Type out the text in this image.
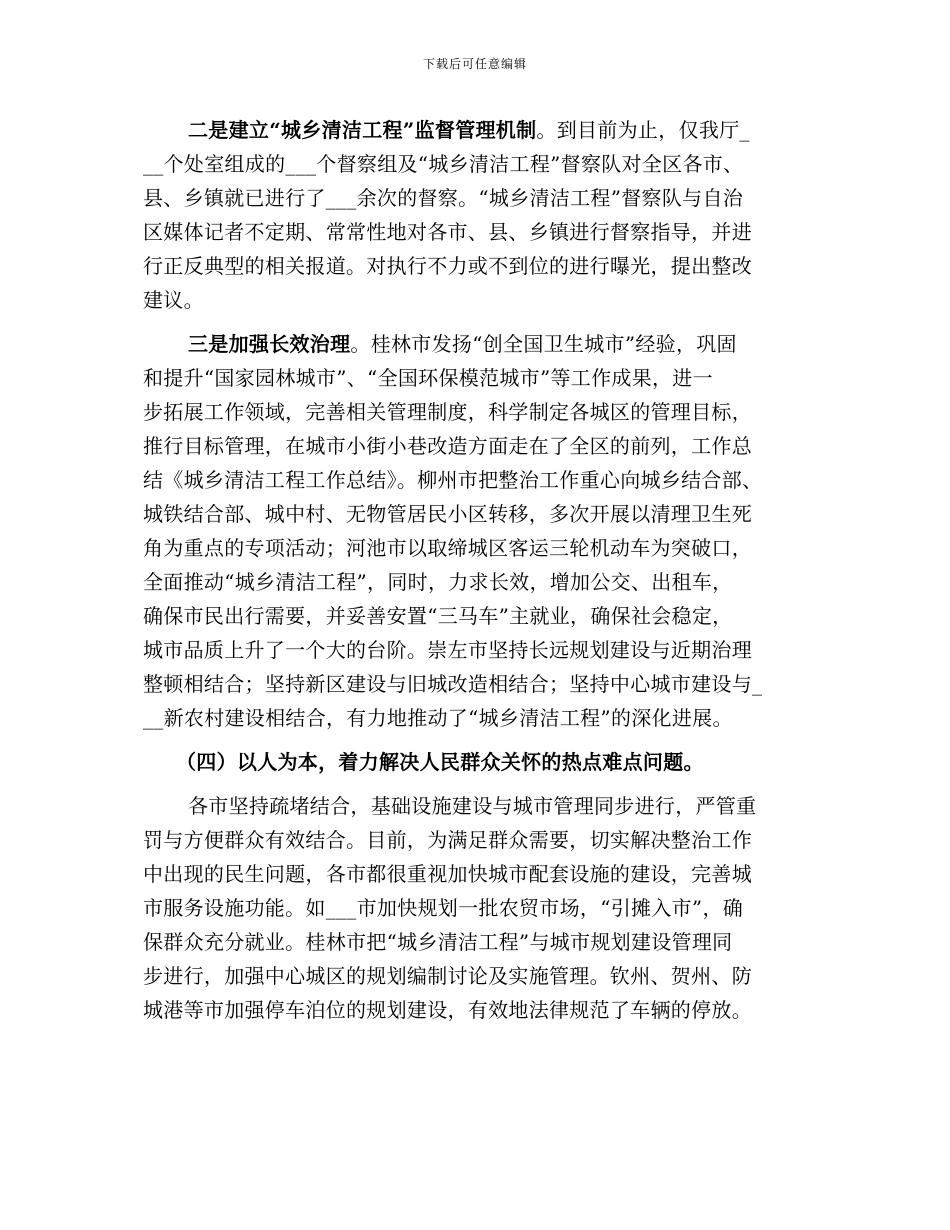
下载后可任意编辑
二是建立“城乡清洁工程”监督管理机制。到目前为止，仅我厅_
__个处室组成的___个督察组及“城乡清洁工程”督察队对全区各市、
县、乡镇就已进行了___余次的督察。“城乡清洁工程”督察队与自治
区媒体记者不定期、常常性地对各市、县、乡镇进行督察指导，并进
行正反典型的相关报道。对执行不力或不到位的进行曝光，提出整改
建议。
三是加强长效治理。桂林市发扬“创全国卫生城市”经验，巩固
和提升“国家园林城市”、“全国环保模范城市”等工作成果，进一
步拓展工作领域，完善相关管理制度，科学制定各城区的管理目标，
推行目标管理，在城市小街小巷改造方面走在了全区的前列，工作总
结《城乡清洁工程工作总结》。柳州市把整治工作重心向城乡结合部、
城铁结合部、城中村、无物管居民小区转移，多次开展以清理卫生死
角为重点的专项活动；河池市以取缔城区客运三轮机动车为突破口，
全面推动“城乡清洁工程”，同时，力求长效，增加公交、出租车，
确保市民出行需要，并妥善安置“三马车”主就业，确保社会稳定，
城市品质上升了一个大的台阶。崇左市坚持长远规划建设与近期治理
整顿相结合；坚持新区建设与旧城改造相结合；坚持中心城市建设与_
__新农村建设相结合，有力地推动了“城乡清洁工程”的深化进展。
（四）以人为本，着力解决人民群众关怀的热点难点问题。
各市坚持疏堵结合，基础设施建设与城市管理同步进行，严管重
罚与方便群众有效结合。目前，为满足群众需要，切实解决整治工作
中出现的民生问题，各市都很重视加快城市配套设施的建设，完善城
市服务设施功能。如___市加快规划一批农贸市场，“引摊入市”，确
保群众充分就业。桂林市把“城乡清洁工程”与城市规划建设管理同
步进行，加强中心城区的规划编制讨论及实施管理。钦州、贺州、防
城港等市加强停车泊位的规划建设，有效地法律规范了车辆的停放。
